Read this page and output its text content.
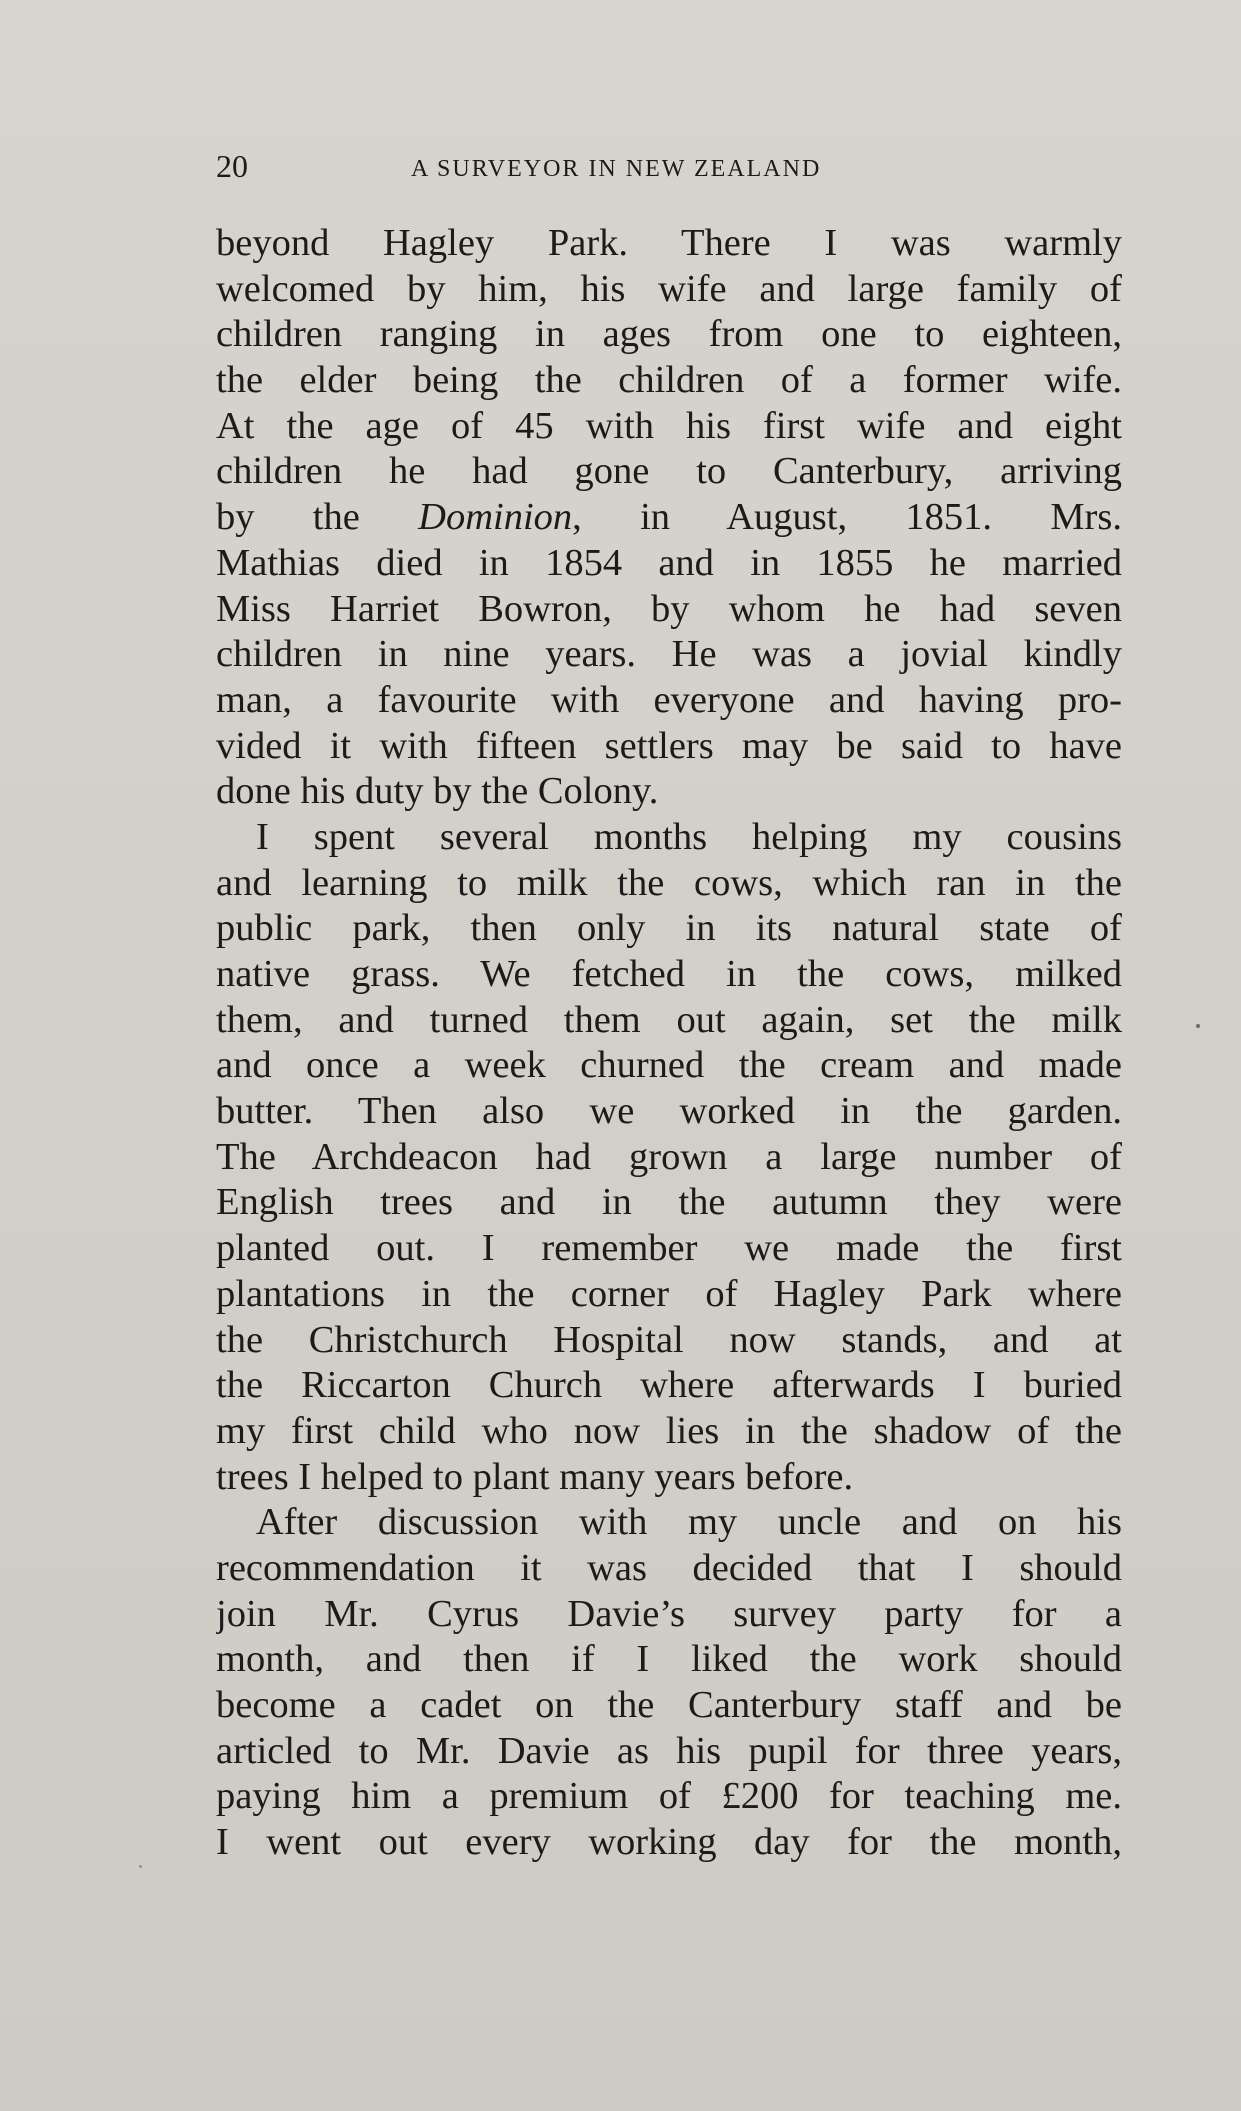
20	A SURVEYOR IN NEW ZEALAND
beyond Hagley Park. There I was warmly
welcomed by him, his wife and large family of
children ranging in ages from one to eighteen,
the elder being the children of a former wife.
At the age of 45 with his first wife and eight
children he had gone to Canterbury, arriving
by the Dominion, in August, 1851. Mrs.
Mathias died in 1854 and in 1855 he married
Miss Harriet Bowron, by whom he had seven
children in nine years. He was a jovial kindly
man, a favourite with everyone and having pro-
vided it with fifteen settlers may be said to have
done his duty by the Colony.
I spent several months helping my cousins
and learning to milk the cows, which ran in the
public park, then only in its natural state of
native grass. We fetched in the cows, milked
them, and turned them out again, set the milk
and once a week churned the cream and made
butter. Then also we worked in the garden.
The Archdeacon had grown a large number of
English trees and in the autumn they were
planted out. I remember we made the first
plantations in the corner of Hagley Park where
the Christchurch Hospital now stands, and at
the Riccarton Church where afterwards I buried
my first child who now lies in the shadow of the
trees I helped to plant many years before.
After discussion with my uncle and on his
recommendation it was decided that I should
join Mr. Cyrus Davie’s survey party for a
month, and then if I liked the work should
become a cadet on the Canterbury staff and be
articled to Mr. Davie as his pupil for three years,
paying him a premium of £200 for teaching me.
I went out every working day for the month,
